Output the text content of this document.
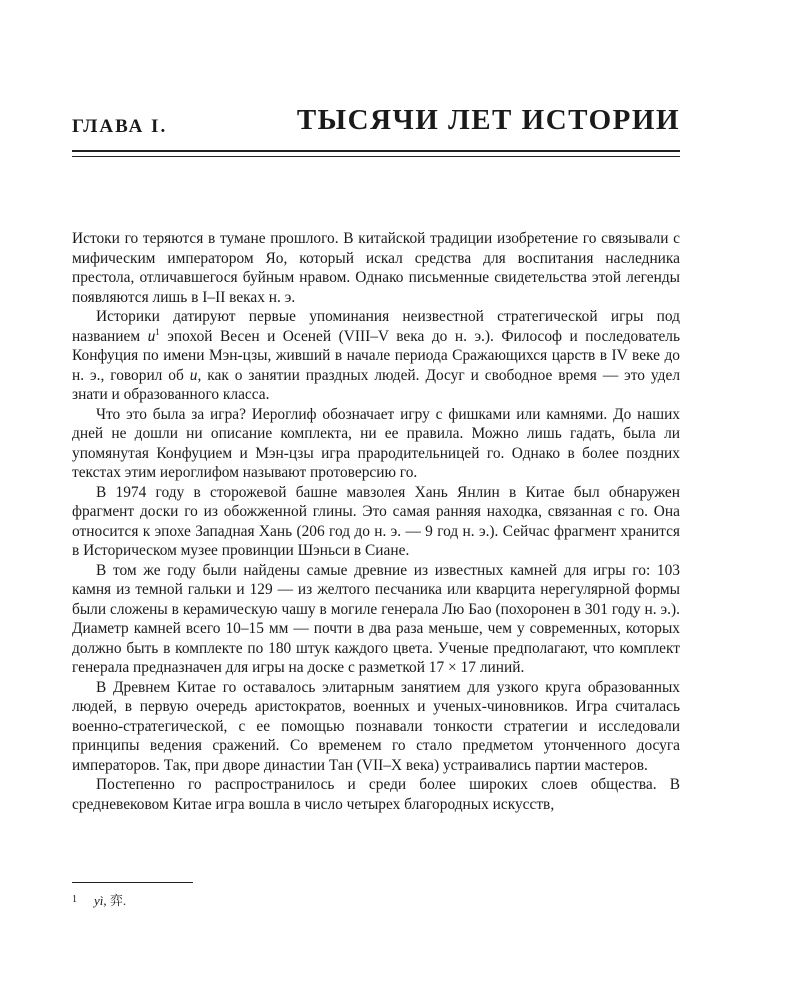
ГЛАВА I.	ТЫСЯЧИ ЛЕТ ИСТОРИИ

Истоки го теряются в тумане прошлого. В китайской традиции изобретение го связывали с мифическим императором Яо, который искал средства для воспитания наследника престола, отличавшегося буйным нравом. Однако письменные свидетельства этой легенды появляются лишь в I–II веках н. э.

Историки датируют первые упоминания неизвестной стратегической игры под названием $и^1$ эпохой Весен и Осеней (VIII–V века до н. э.). Философ и последователь Конфуция по имени Мэн-цзы, живший в начале периода Сражающихся царств в IV веке до н. э., говорил об и, как о занятии праздных людей. Досуг и свободное время — это удел знати и образованного класса.

Что это была за игра? Иероглиф обозначает игру с фишками или камнями. До наших дней не дошли ни описание комплекта, ни ее правила. Можно лишь гадать, была ли упомянутая Конфуцием и Мэн-цзы игра прародительницей го. Однако в более поздних текстах этим иероглифом называют протоверсию го.

В 1974 году в сторожевой башне мавзолея Хань Янлин в Китае был обнаружен фрагмент доски го из обожженной глины. Это самая ранняя находка, связанная с го. Она относится к эпохе Западная Хань (206 год до н. э. — 9 год н. э.). Сейчас фрагмент хранится в Историческом музее провинции Шэньси в Сиане.

В том же году были найдены самые древние из известных камней для игры го: 103 камня из темной гальки и 129 — из желтого песчаника или кварцита нерегулярной формы были сложены в керамическую чашу в могиле генерала Лю Бао (похоронен в 301 году н. э.). Диаметр камней всего 10–15 мм — почти в два раза меньше, чем у современных, которых должно быть в комплекте по 180 штук каждого цвета. Ученые предполагают, что комплект генерала предназначен для игры на доске с разметкой 17 × 17 линий.

В Древнем Китае го оставалось элитарным занятием для узкого круга образованных людей, в первую очередь аристократов, военных и ученых-чиновников. Игра считалась военно-стратегической, с ее помощью познавали тонкости стратегии и исследовали принципы ведения сражений. Со временем го стало предметом утонченного досуга императоров. Так, при дворе династии Тан (VII–X века) устраивались партии мастеров.

Постепенно го распространилось и среди более широких слоев общества. В средневековом Китае игра вошла в число четырех благородных искусств,

1 yì, 弈.
